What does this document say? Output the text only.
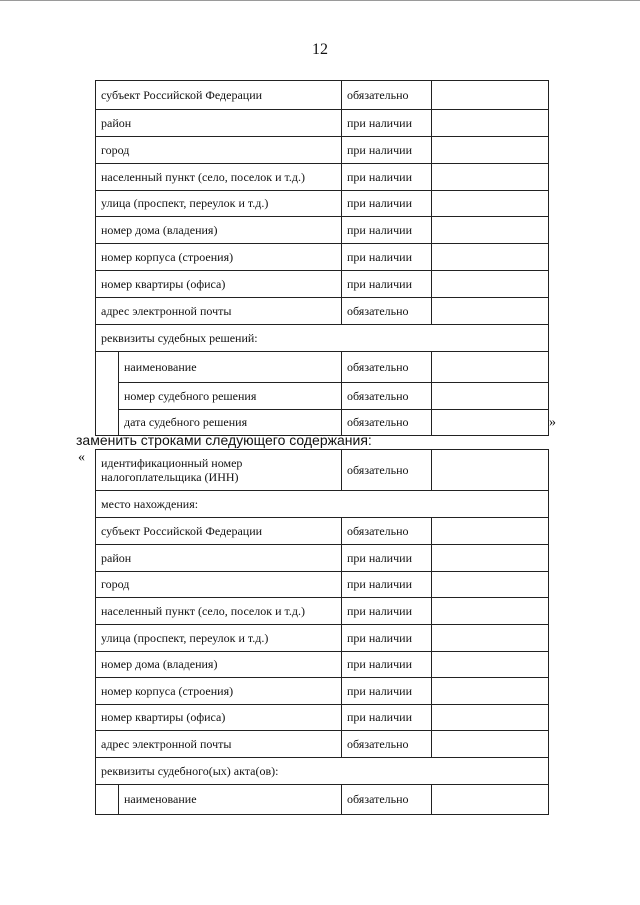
12
субъект Российской Федерации		обязательно	
район		при наличии	
город		при наличии	
населенный пункт (село, поселок и т.д.)		при наличии	
улица (проспект, переулок и т.д.)		при наличии	
номер дома (владения)		при наличии	
номер корпуса (строения)		при наличии	
номер квартиры (офиса)		при наличии	
адрес электронной почты		обязательно	
реквизиты судебных решений:			
	наименование	обязательно	
	номер судебного решения	обязательно	
	дата судебного решения	обязательно		»
заменить строками следующего содержания:
« идентификационный номер
налогоплательщика (ИНН)		обязательно	
место нахождения:			
субъект Российской Федерации		обязательно	
район		при наличии	
город		при наличии	
населенный пункт (село, поселок и т.д.)		при наличии	
улица (проспект, переулок и т.д.)		при наличии	
номер дома (владения)		при наличии	
номер корпуса (строения)		при наличии	
номер квартиры (офиса)		при наличии	
адрес электронной почты		обязательно	
реквизиты судебного(ых) акта(ов):			
	наименование	обязательно	
